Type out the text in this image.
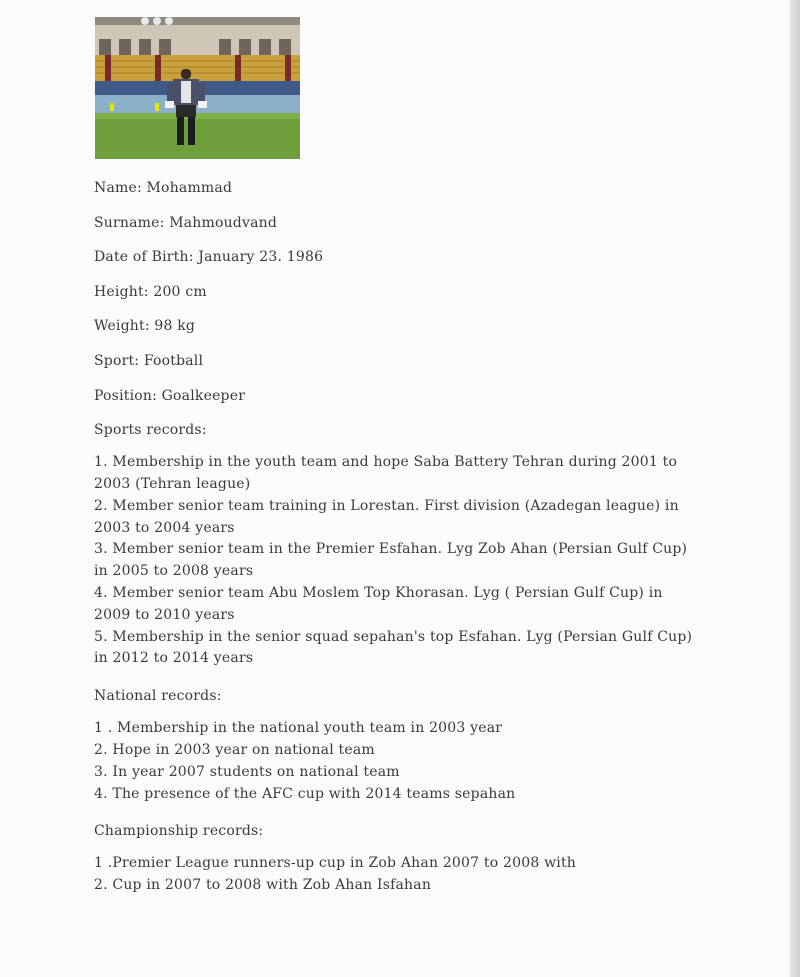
Name: Mohammad
Surname: Mahmoudvand
Date of Birth: January 23. 1986
Height: 200 cm
Weight: 98 kg
Sport: Football
Position: Goalkeeper
Sports records:
1. Membership in the youth team and hope Saba Battery Tehran during 2001 to 2003 (Tehran league)
2. Member senior team training in Lorestan. First division (Azadegan league) in 2003 to 2004 years
3. Member senior team in the Premier Esfahan. Lyg Zob Ahan (Persian Gulf Cup) in 2005 to 2008 years
4. Member senior team Abu Moslem Top Khorasan. Lyg ( Persian Gulf Cup) in 2009 to 2010 years
5. Membership in the senior squad sepahan's top Esfahan. Lyg (Persian Gulf Cup) in 2012 to 2014 years
National records:
1 . Membership in the national youth team in 2003 year
2. Hope in 2003 year on national team
3. In year 2007 students on national team
4. The presence of the AFC cup with 2014 teams sepahan
Championship records:
1 .Premier League runners-up cup in Zob Ahan 2007 to 2008 with
2. Cup in 2007 to 2008 with Zob Ahan Isfahan
